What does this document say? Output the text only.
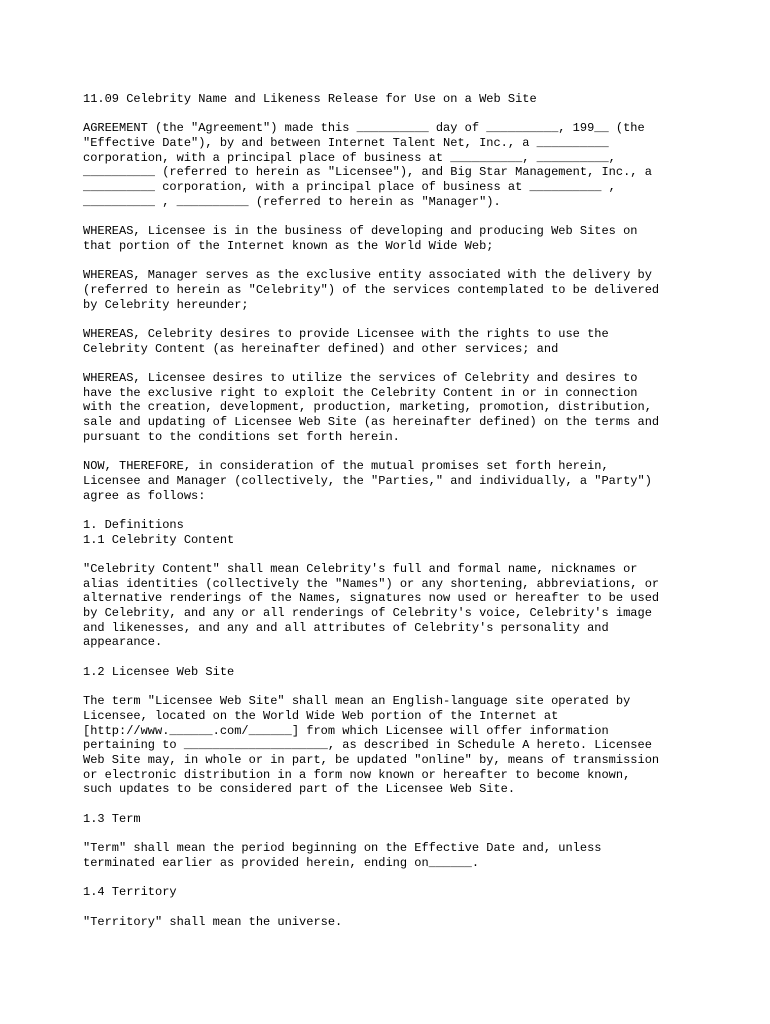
11.09 Celebrity Name and Likeness Release for Use on a Web Site
AGREEMENT (the "Agreement") made this __________ day of __________, 199__ (the
"Effective Date"), by and between Internet Talent Net, Inc., a __________
corporation, with a principal place of business at __________, __________,
__________ (referred to herein as "Licensee"), and Big Star Management, Inc., a
__________ corporation, with a principal place of business at __________ ,
__________ , __________ (referred to herein as "Manager").
WHEREAS, Licensee is in the business of developing and producing Web Sites on
that portion of the Internet known as the World Wide Web;
WHEREAS, Manager serves as the exclusive entity associated with the delivery by
(referred to herein as "Celebrity") of the services contemplated to be delivered
by Celebrity hereunder;
WHEREAS, Celebrity desires to provide Licensee with the rights to use the
Celebrity Content (as hereinafter defined) and other services; and
WHEREAS, Licensee desires to utilize the services of Celebrity and desires to
have the exclusive right to exploit the Celebrity Content in or in connection
with the creation, development, production, marketing, promotion, distribution,
sale and updating of Licensee Web Site (as hereinafter defined) on the terms and
pursuant to the conditions set forth herein.
NOW, THEREFORE, in consideration of the mutual promises set forth herein,
Licensee and Manager (collectively, the "Parties," and individually, a "Party")
agree as follows:
1. Definitions
1.1 Celebrity Content
"Celebrity Content" shall mean Celebrity's full and formal name, nicknames or
alias identities (collectively the "Names") or any shortening, abbreviations, or
alternative renderings of the Names, signatures now used or hereafter to be used
by Celebrity, and any or all renderings of Celebrity's voice, Celebrity's image
and likenesses, and any and all attributes of Celebrity's personality and
appearance.
1.2 Licensee Web Site
The term "Licensee Web Site" shall mean an English-language site operated by
Licensee, located on the World Wide Web portion of the Internet at
[http://www.______.com/______] from which Licensee will offer information
pertaining to ____________________, as described in Schedule A hereto. Licensee
Web Site may, in whole or in part, be updated "online" by, means of transmission
or electronic distribution in a form now known or hereafter to become known,
such updates to be considered part of the Licensee Web Site.
1.3 Term
"Term" shall mean the period beginning on the Effective Date and, unless
terminated earlier as provided herein, ending on______.
1.4 Territory
"Territory" shall mean the universe.
